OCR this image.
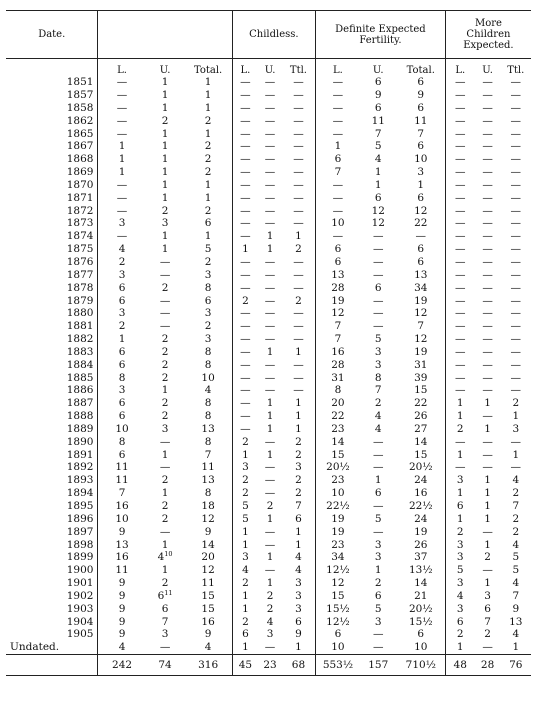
Date.				Childless.			Definite Expected
Fertility.			More
Children
Expected.		
	L.	U.	Total.	L.	U.	Ttl.	L.	U.	Total.	L.	U.	Ttl.
1851	—	1	1	—	—	—	—	6	6	—	—	—
1857	—	1	1	—	—	—	—	9	9	—	—	—
1858	—	1	1	—	—	—	—	6	6	—	—	—
1862	—	2	2	—	—	—	—	11	11	—	—	—
1865	—	1	1	—	—	—	—	7	7	—	—	—
1867	1	1	2	—	—	—	1	5	6	—	—	—
1868	1	1	2	—	—	—	6	4	10	—	—	—
1869	1	1	2	—	—	—	7	1	3	—	—	—
1870	—	1	1	—	—	—	—	1	1	—	—	—
1871	—	1	1	—	—	—	—	6	6	—	—	—
1872	—	2	2	—	—	—	—	12	12	—	—	—
1873	3	3	6	—	—	—	10	12	22	—	—	—
1874	—	1	1	—	1	1	—	—	—	—	—	—
1875	4	1	5	1	1	2	6	—	6	—	—	—
1876	2	—	2	—	—	—	6	—	6	—	—	—
1877	3	—	3	—	—	—	13	—	13	—	—	—
1878	6	2	8	—	—	—	28	6	34	—	—	—
1879	6	—	6	2	—	2	19	—	19	—	—	—
1880	3	—	3	—	—	—	12	—	12	—	—	—
1881	2	—	2	—	—	—	7	—	7	—	—	—
1882	1	2	3	—	—	—	7	5	12	—	—	—
1883	6	2	8	—	1	1	16	3	19	—	—	—
1884	6	2	8	—	—	—	28	3	31	—	—	—
1885	8	2	10	—	—	—	31	8	39	—	—	—
1886	3	1	4	—	—	—	8	7	15	—	—	—
1887	6	2	8	—	1	1	20	2	22	1	1	2
1888	6	2	8	—	1	1	22	4	26	1	—	1
1889	10	3	13	—	1	1	23	4	27	2	1	3
1890	8	—	8	2	—	2	14	—	14	—	—	—
1891	6	1	7	1	1	2	15	—	15	1	—	1
1892	11	—	11	3	—	3	20½	—	20½	—	—	—
1893	11	2	13	2	—	2	23	1	24	3	1	4
1894	7	1	8	2	—	2	10	6	16	1	1	2
1895	16	2	18	5	2	7	22½	—	22½	6	1	7
1896	10	2	12	5	1	6	19	5	24	1	1	2
1897	9	—	9	1	—	1	19	—	19	2	—	2
1898	13	1	14	1	—	1	23	3	26	3	1	4
1899	16	$4^{10}$	20	3	1	4	34	3	37	3	2	5
1900	11	1	12	4	—	4	12½	1	13½	5	—	5
1901	9	2	11	2	1	3	12	2	14	3	1	4
1902	9	$6^{11}$	15	1	2	3	15	6	21	4	3	7
1903	9	6	15	1	2	3	15½	5	20½	3	6	9
1904	9	7	16	2	4	6	12½	3	15½	6	7	13
1905	9	3	9	6	3	9	6	—	6	2	2	4
Undated.	4	—	4	1	—	1	10	—	10	1	—	1
	242	74	316	45	23	68	553½	157	710½	48	28	76
